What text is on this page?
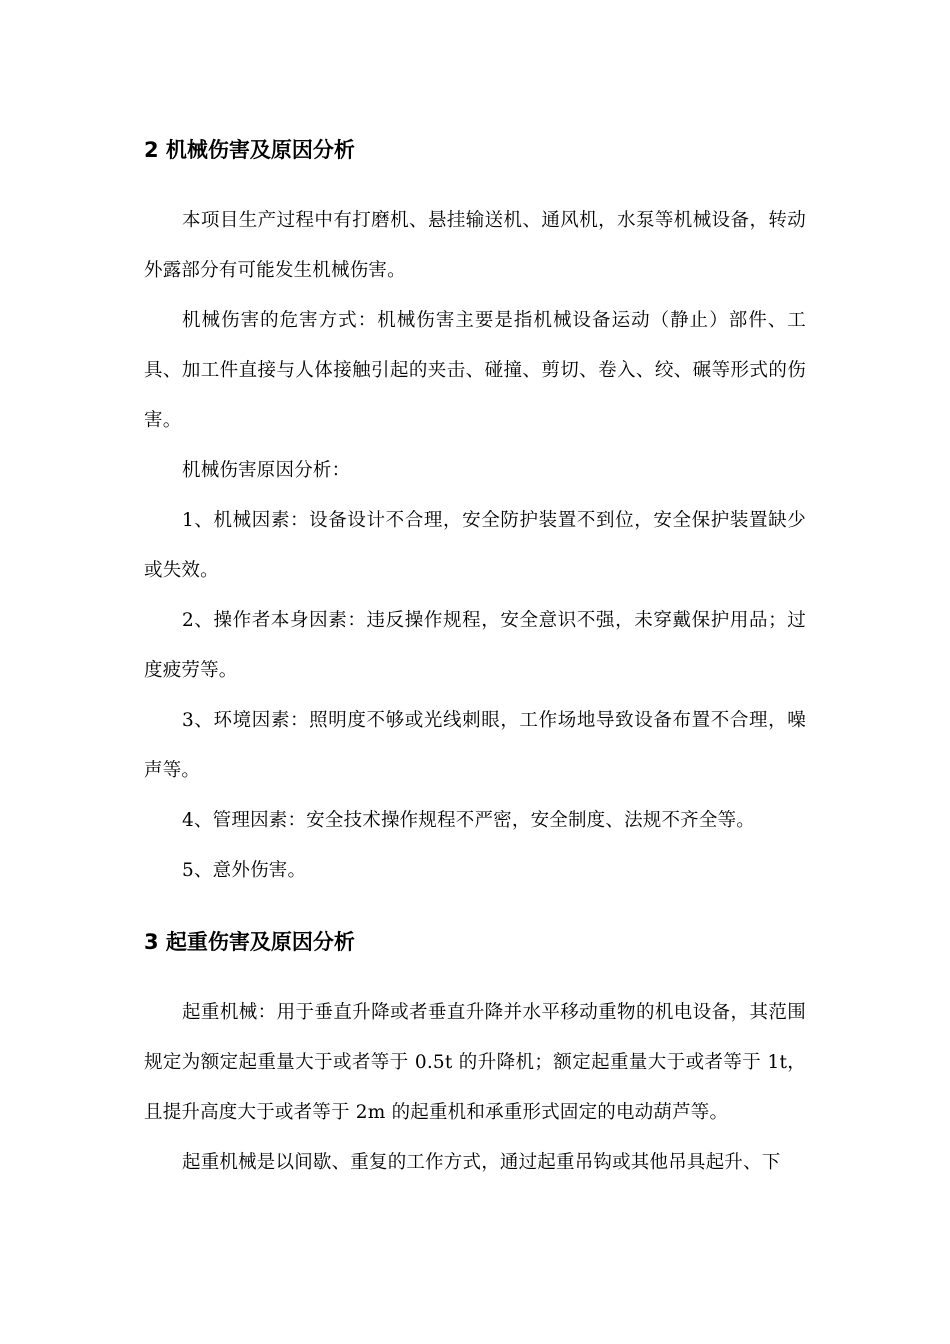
2 机械伤害及原因分析

本项目生产过程中有打磨机、悬挂输送机、通风机，水泵等机械设备，转动外露部分有可能发生机械伤害。

机械伤害的危害方式：机械伤害主要是指机械设备运动（静止）部件、工具、加工件直接与人体接触引起的夹击、碰撞、剪切、卷入、绞、碾等形式的伤害。

机械伤害原因分析：

1、机械因素：设备设计不合理，安全防护装置不到位，安全保护装置缺少或失效。

2、操作者本身因素：违反操作规程，安全意识不强，未穿戴保护用品；过度疲劳等。

3、环境因素：照明度不够或光线刺眼，工作场地导致设备布置不合理，噪声等。

4、管理因素：安全技术操作规程不严密，安全制度、法规不齐全等。

5、意外伤害。

3 起重伤害及原因分析

起重机械：用于垂直升降或者垂直升降并水平移动重物的机电设备，其范围规定为额定起重量大于或者等于 0.5t 的升降机；额定起重量大于或者等于 1t，且提升高度大于或者等于 2m 的起重机和承重形式固定的电动葫芦等。

起重机械是以间歇、重复的工作方式，通过起重吊钩或其他吊具起升、下
